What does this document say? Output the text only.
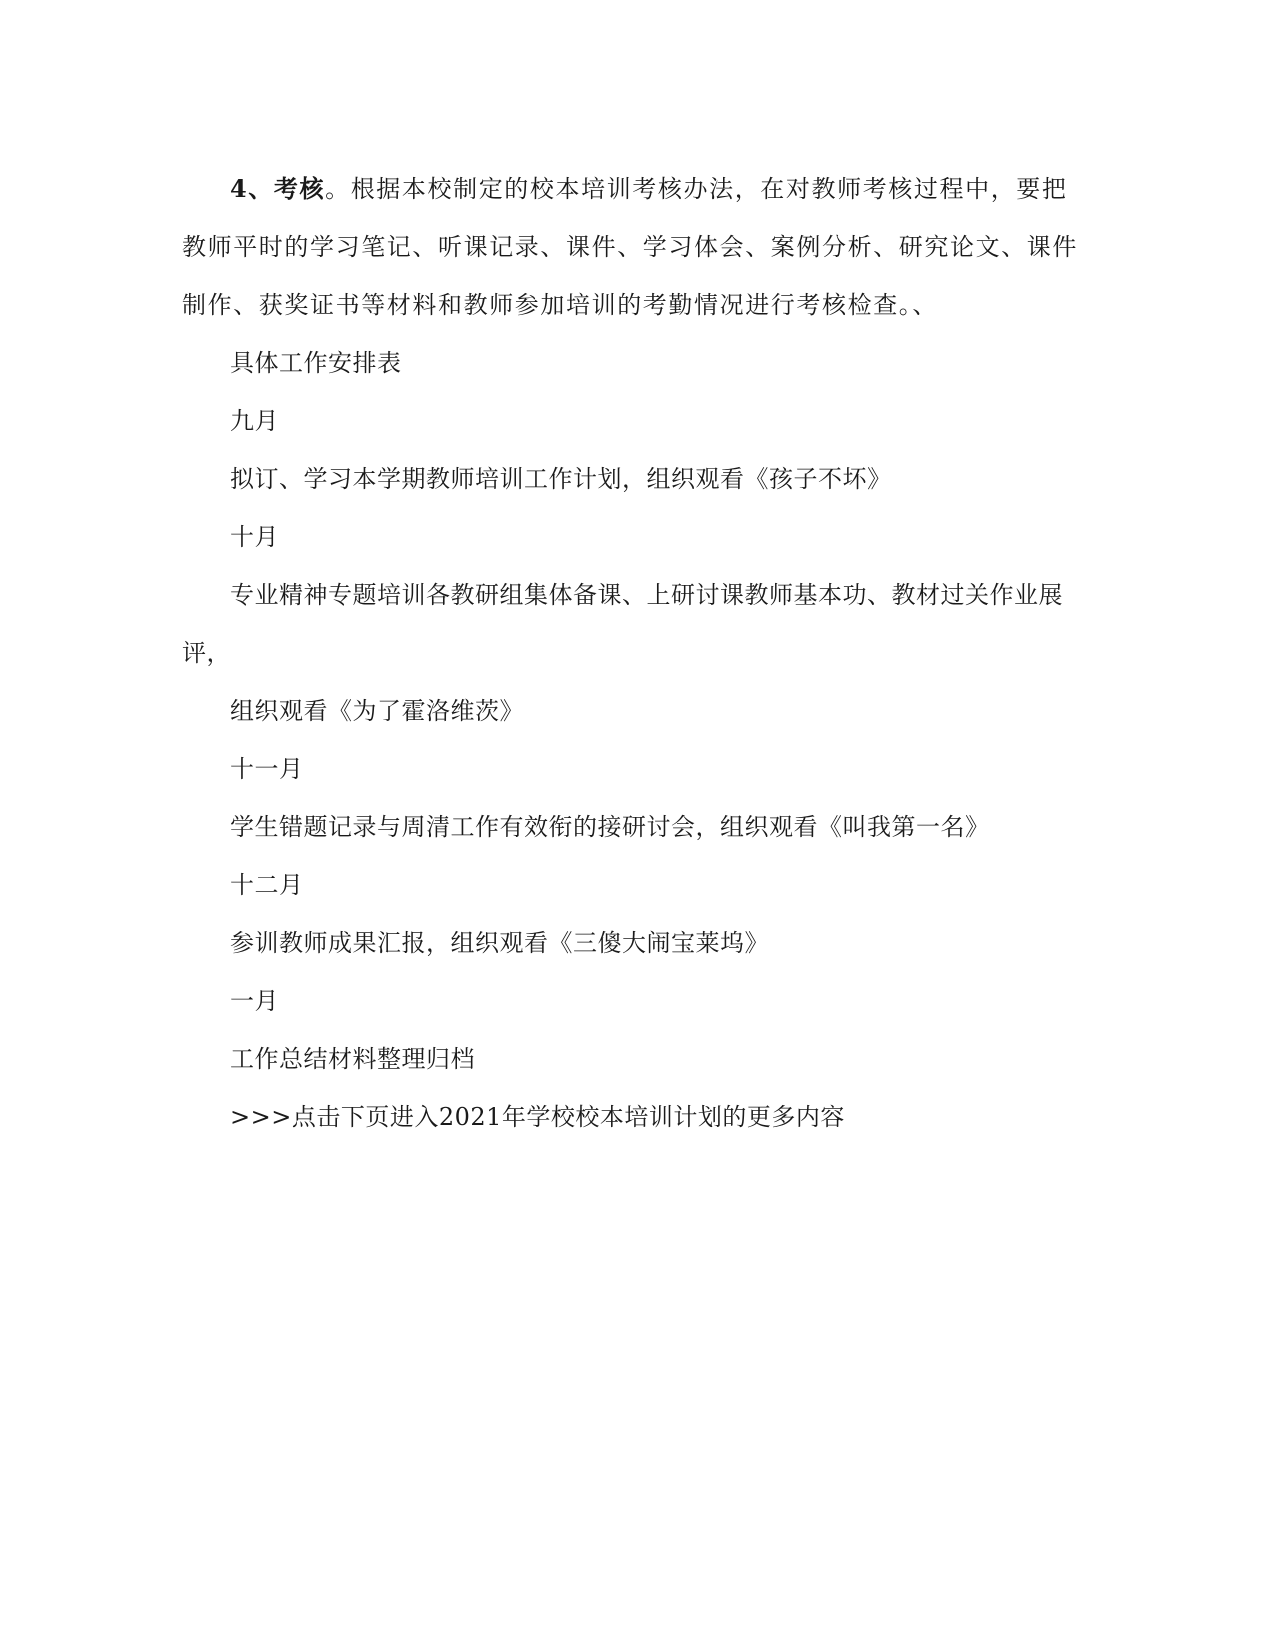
4、考核。根据本校制定的校本培训考核办法，在对教师考核过程中，要把教师平时的学习笔记、听课记录、课件、学习体会、案例分析、研究论文、课件制作、获奖证书等材料和教师参加培训的考勤情况进行考核检查。、

具体工作安排表

九月

拟订、学习本学期教师培训工作计划，组织观看《孩子不坏》

十月

专业精神专题培训各教研组集体备课、上研讨课教师基本功、教材过关作业展评，

组织观看《为了霍洛维茨》

十一月

学生错题记录与周清工作有效衔的接研讨会，组织观看《叫我第一名》

十二月

参训教师成果汇报，组织观看《三傻大闹宝莱坞》

一月

工作总结材料整理归档

>>>点击下页进入2021年学校校本培训计划的更多内容
